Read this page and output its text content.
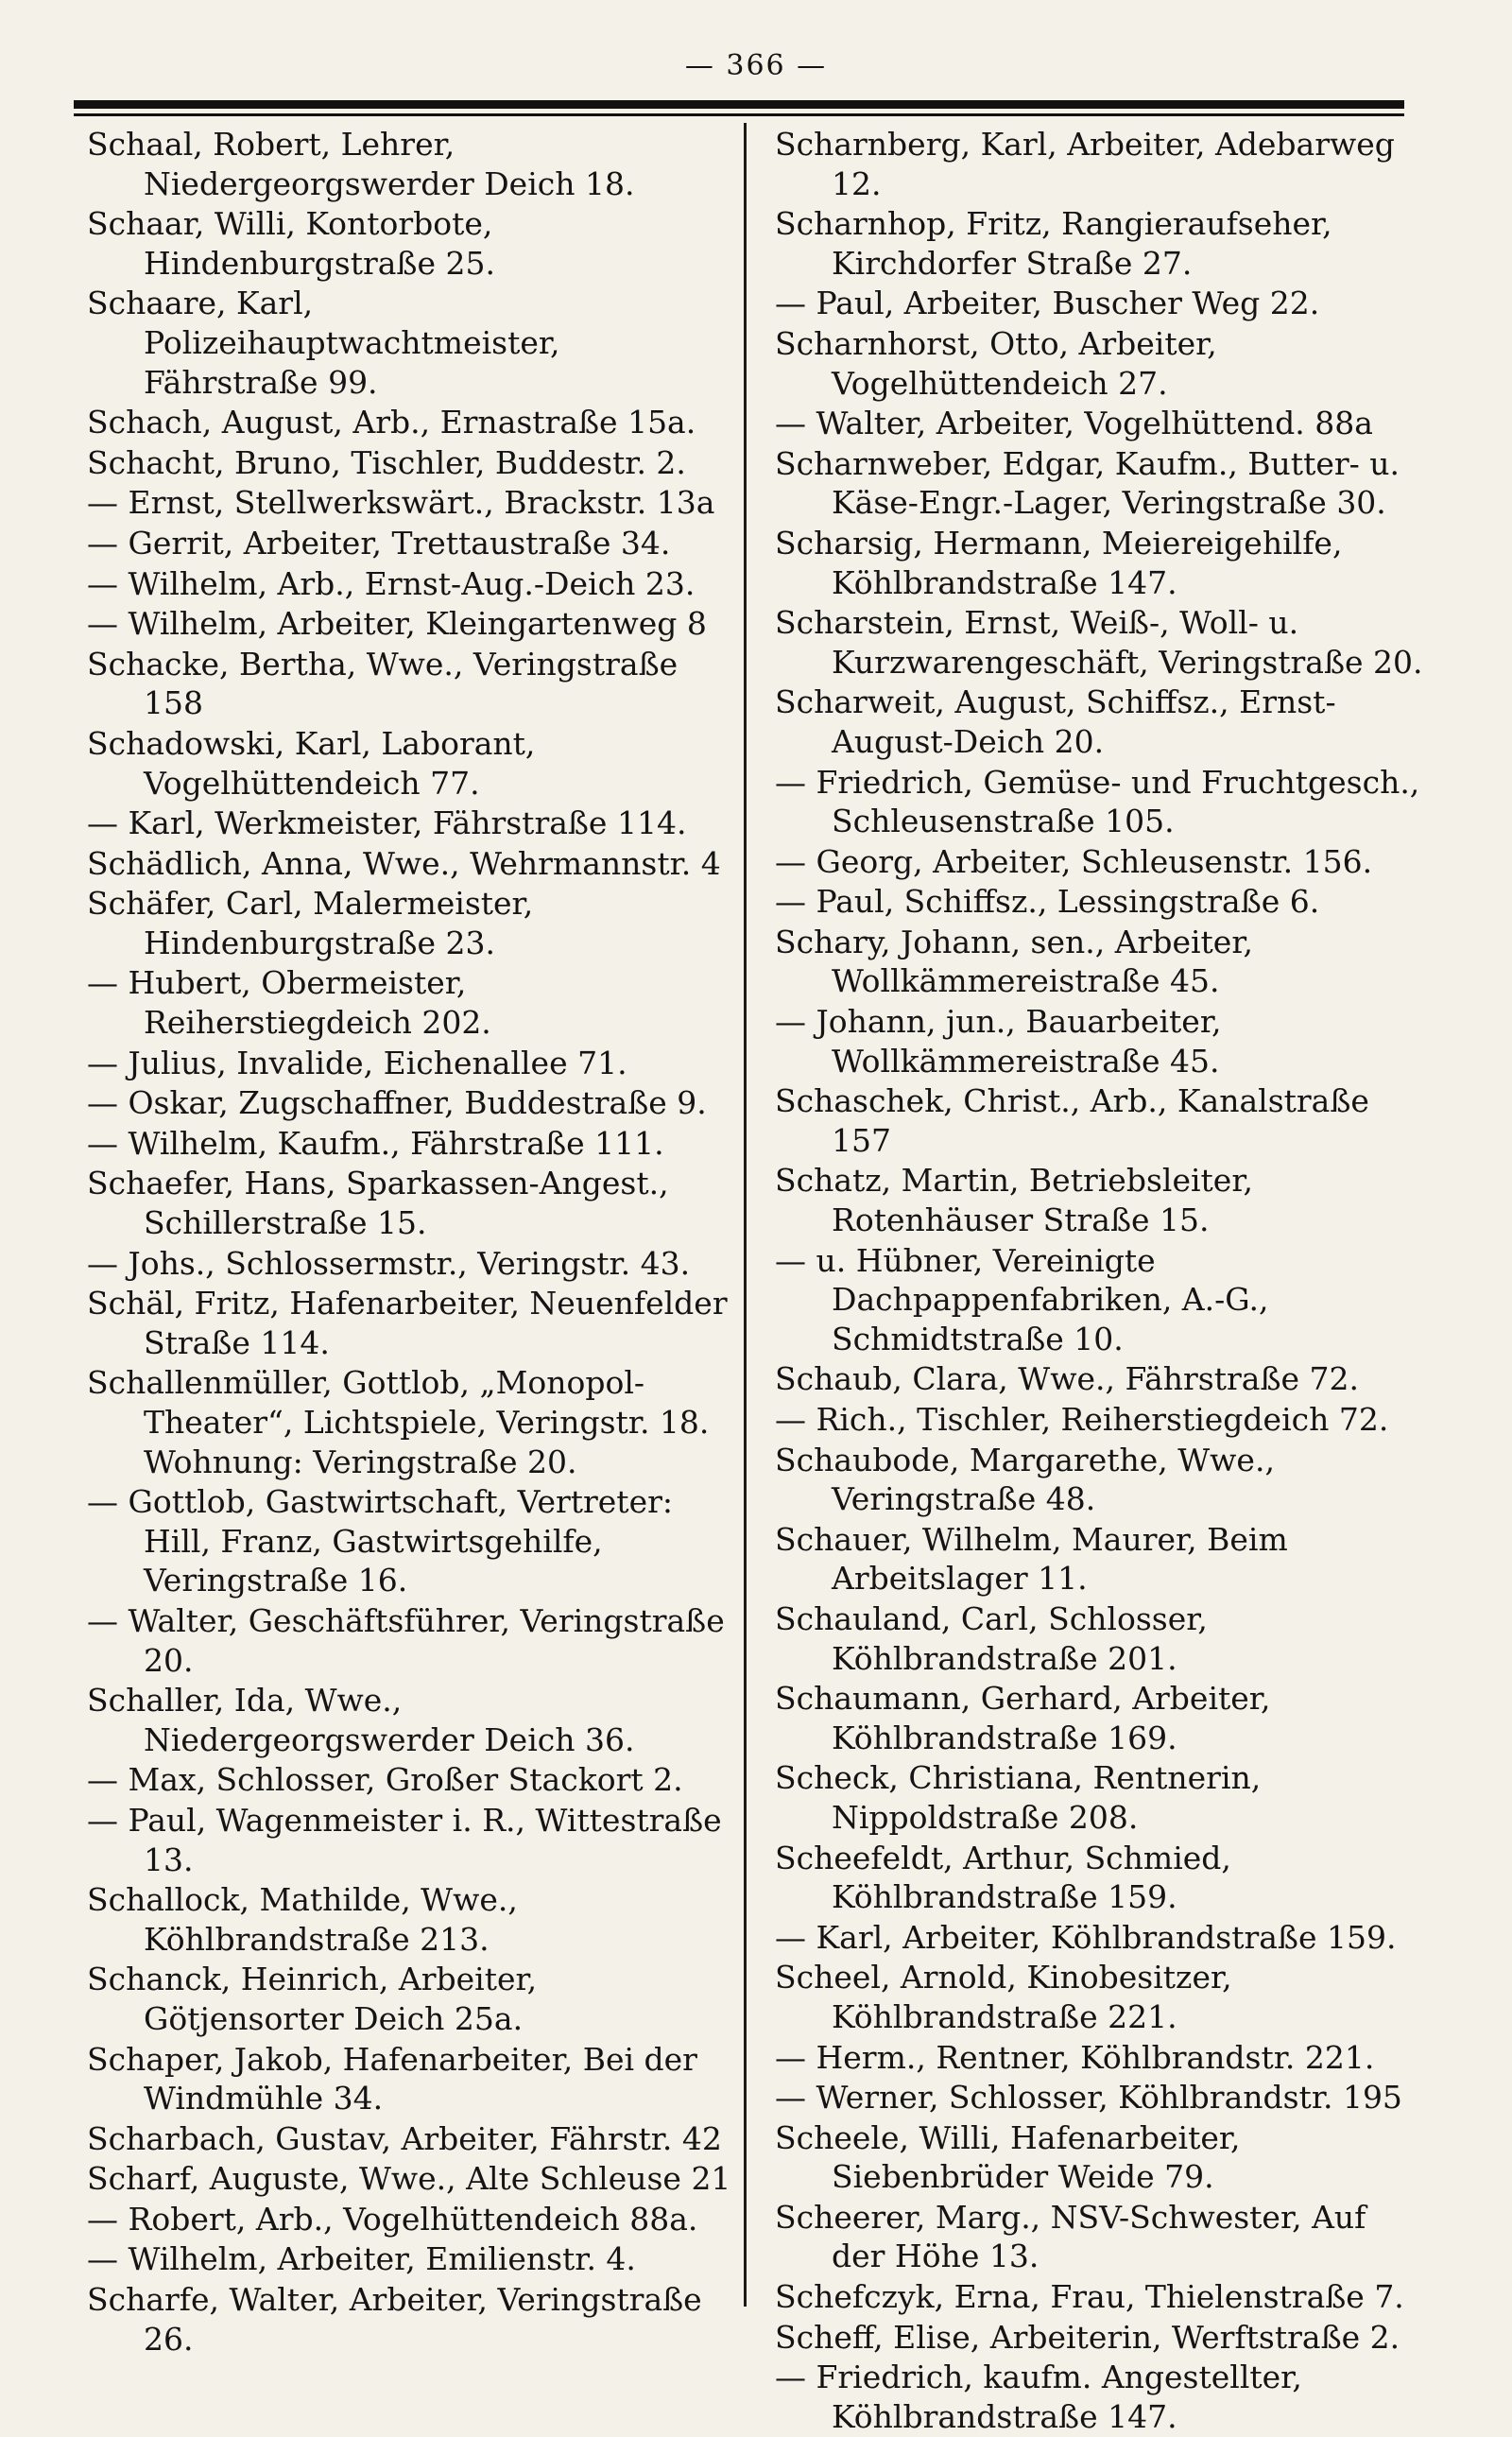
— 366 —

Schaal, Robert, Lehrer, Niedergeorgswerder Deich 18.

Schaar, Willi, Kontorbote, Hindenburgstraße 25.

Schaare, Karl, Polizeihauptwachtmeister, Fährstraße 99.

Schach, August, Arb., Ernastraße 15a.

Schacht, Bruno, Tischler, Buddestr. 2.

— Ernst, Stellwerkswärt., Brackstr. 13a

— Gerrit, Arbeiter, Trettaustraße 34.

— Wilhelm, Arb., Ernst-Aug.-Deich 23.

— Wilhelm, Arbeiter, Kleingartenweg 8

Schacke, Bertha, Wwe., Veringstraße 158

Schadowski, Karl, Laborant, Vogelhüttendeich 77.

— Karl, Werkmeister, Fährstraße 114.

Schädlich, Anna, Wwe., Wehrmannstr. 4

Schäfer, Carl, Malermeister, Hindenburgstraße 23.

— Hubert, Obermeister, Reiherstiegdeich 202.

— Julius, Invalide, Eichenallee 71.

— Oskar, Zugschaffner, Buddestraße 9.

— Wilhelm, Kaufm., Fährstraße 111.

Schaefer, Hans, Sparkassen-Angest., Schillerstraße 15.

— Johs., Schlossermstr., Veringstr. 43.

Schäl, Fritz, Hafenarbeiter, Neuenfelder Straße 114.

Schallenmüller, Gottlob, „Monopol-Theater“, Lichtspiele, Veringstr. 18. Wohnung: Veringstraße 20.

— Gottlob, Gastwirtschaft, Vertreter: Hill, Franz, Gastwirtsgehilfe, Veringstraße 16.

— Walter, Geschäftsführer, Veringstraße 20.

Schaller, Ida, Wwe., Niedergeorgswerder Deich 36.

— Max, Schlosser, Großer Stackort 2.

— Paul, Wagenmeister i. R., Wittestraße 13.

Schallock, Mathilde, Wwe., Köhlbrandstraße 213.

Schanck, Heinrich, Arbeiter, Götjensorter Deich 25a.

Schaper, Jakob, Hafenarbeiter, Bei der Windmühle 34.

Scharbach, Gustav, Arbeiter, Fährstr. 42

Scharf, Auguste, Wwe., Alte Schleuse 21

— Robert, Arb., Vogelhüttendeich 88a.

— Wilhelm, Arbeiter, Emilienstr. 4.

Scharfe, Walter, Arbeiter, Veringstraße 26.

Scharnberg, Karl, Arbeiter, Adebarweg 12.

Scharnhop, Fritz, Rangieraufseher, Kirchdorfer Straße 27.

— Paul, Arbeiter, Buscher Weg 22.

Scharnhorst, Otto, Arbeiter, Vogelhüttendeich 27.

— Walter, Arbeiter, Vogelhüttend. 88a

Scharnweber, Edgar, Kaufm., Butter- u. Käse-Engr.-Lager, Veringstraße 30.

Scharsig, Hermann, Meiereigehilfe, Köhlbrandstraße 147.

Scharstein, Ernst, Weiß-, Woll- u. Kurzwarengeschäft, Veringstraße 20.

Scharweit, August, Schiffsz., Ernst-August-Deich 20.

— Friedrich, Gemüse- und Fruchtgesch., Schleusenstraße 105.

— Georg, Arbeiter, Schleusenstr. 156.

— Paul, Schiffsz., Lessingstraße 6.

Schary, Johann, sen., Arbeiter, Wollkämmereistraße 45.

— Johann, jun., Bauarbeiter, Wollkämmereistraße 45.

Schaschek, Christ., Arb., Kanalstraße 157

Schatz, Martin, Betriebsleiter, Rotenhäuser Straße 15.

— u. Hübner, Vereinigte Dachpappenfabriken, A.-G., Schmidtstraße 10.

Schaub, Clara, Wwe., Fährstraße 72.

— Rich., Tischler, Reiherstiegdeich 72.

Schaubode, Margarethe, Wwe., Veringstraße 48.

Schauer, Wilhelm, Maurer, Beim Arbeitslager 11.

Schauland, Carl, Schlosser, Köhlbrandstraße 201.

Schaumann, Gerhard, Arbeiter, Köhlbrandstraße 169.

Scheck, Christiana, Rentnerin, Nippoldstraße 208.

Scheefeldt, Arthur, Schmied, Köhlbrandstraße 159.

— Karl, Arbeiter, Köhlbrandstraße 159.

Scheel, Arnold, Kinobesitzer, Köhlbrandstraße 221.

— Herm., Rentner, Köhlbrandstr. 221.

— Werner, Schlosser, Köhlbrandstr. 195

Scheele, Willi, Hafenarbeiter, Siebenbrüder Weide 79.

Scheerer, Marg., NSV-Schwester, Auf der Höhe 13.

Schefczyk, Erna, Frau, Thielenstraße 7.

Scheff, Elise, Arbeiterin, Werftstraße 2.

— Friedrich, kaufm. Angestellter, Köhlbrandstraße 147.
